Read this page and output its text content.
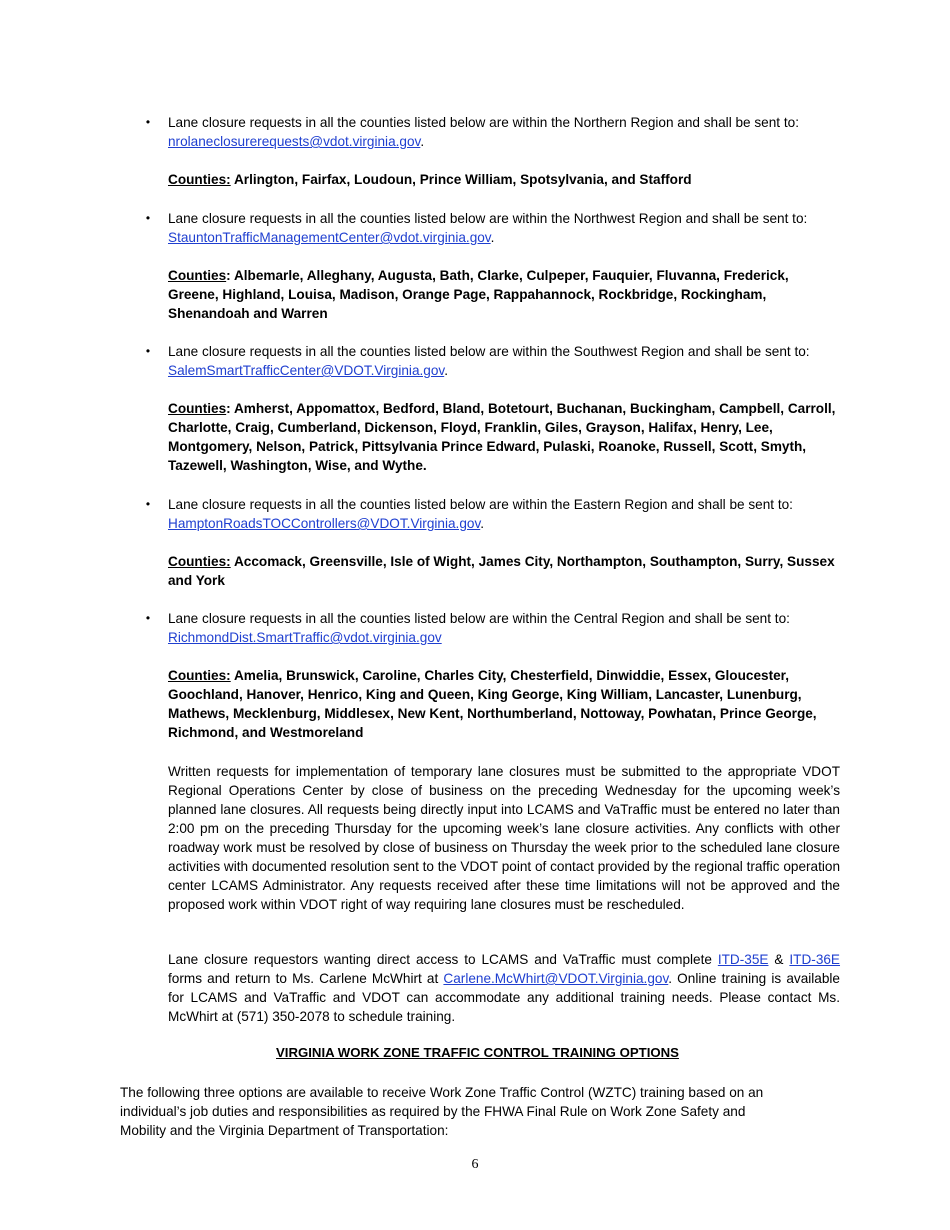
•	Lane closure requests in all the counties listed below are within the Northern Region and shall be sent to:
nrolaneclosurerequests@vdot.virginia.gov.

Counties: Arlington, Fairfax, Loudoun, Prince William, Spotsylvania, and Stafford

•	Lane closure requests in all the counties listed below are within the Northwest Region and shall be sent to:
StauntonTrafficManagementCenter@vdot.virginia.gov.

Counties: Albemarle, Alleghany, Augusta, Bath, Clarke, Culpeper, Fauquier, Fluvanna, Frederick, Greene, Highland, Louisa, Madison, Orange Page, Rappahannock, Rockbridge, Rockingham, Shenandoah and Warren

•	Lane closure requests in all the counties listed below are within the Southwest Region and shall be sent to:
SalemSmartTrafficCenter@VDOT.Virginia.gov.

Counties: Amherst, Appomattox, Bedford, Bland, Botetourt, Buchanan, Buckingham, Campbell, Carroll, Charlotte, Craig, Cumberland, Dickenson, Floyd, Franklin, Giles, Grayson, Halifax, Henry, Lee, Montgomery, Nelson, Patrick, Pittsylvania Prince Edward, Pulaski, Roanoke, Russell, Scott, Smyth, Tazewell, Washington, Wise, and Wythe.

•	Lane closure requests in all the counties listed below are within the Eastern Region and shall be sent to:
HamptonRoadsTOCControllers@VDOT.Virginia.gov.

Counties: Accomack, Greensville, Isle of Wight, James City, Northampton, Southampton, Surry, Sussex and York

•	Lane closure requests in all the counties listed below are within the Central Region and shall be sent to:
RichmondDist.SmartTraffic@vdot.virginia.gov

Counties: Amelia, Brunswick, Caroline, Charles City, Chesterfield, Dinwiddie, Essex, Gloucester, Goochland, Hanover, Henrico, King and Queen, King George, King William, Lancaster, Lunenburg, Mathews, Mecklenburg, Middlesex, New Kent, Northumberland, Nottoway, Powhatan, Prince George, Richmond, and Westmoreland

Written requests for implementation of temporary lane closures must be submitted to the appropriate VDOT Regional Operations Center by close of business on the preceding Wednesday for the upcoming week’s planned lane closures. All requests being directly input into LCAMS and VaTraffic must be entered no later than 2:00 pm on the preceding Thursday for the upcoming week’s lane closure activities. Any conflicts with other roadway work must be resolved by close of business on Thursday the week prior to the scheduled lane closure activities with documented resolution sent to the VDOT point of contact provided by the regional traffic operation center LCAMS Administrator. Any requests received after these time limitations will not be approved and the proposed work within VDOT right of way requiring lane closures must be rescheduled.

Lane closure requestors wanting direct access to LCAMS and VaTraffic must complete ITD-35E & ITD-36E forms and return to Ms. Carlene McWhirt at Carlene.McWhirt@VDOT.Virginia.gov. Online training is available for LCAMS and VaTraffic and VDOT can accommodate any additional training needs. Please contact Ms. McWhirt at (571) 350-2078 to schedule training.

VIRGINIA WORK ZONE TRAFFIC CONTROL TRAINING OPTIONS

The following three options are available to receive Work Zone Traffic Control (WZTC) training based on an individual’s job duties and responsibilities as required by the FHWA Final Rule on Work Zone Safety and Mobility and the Virginia Department of Transportation:

6
